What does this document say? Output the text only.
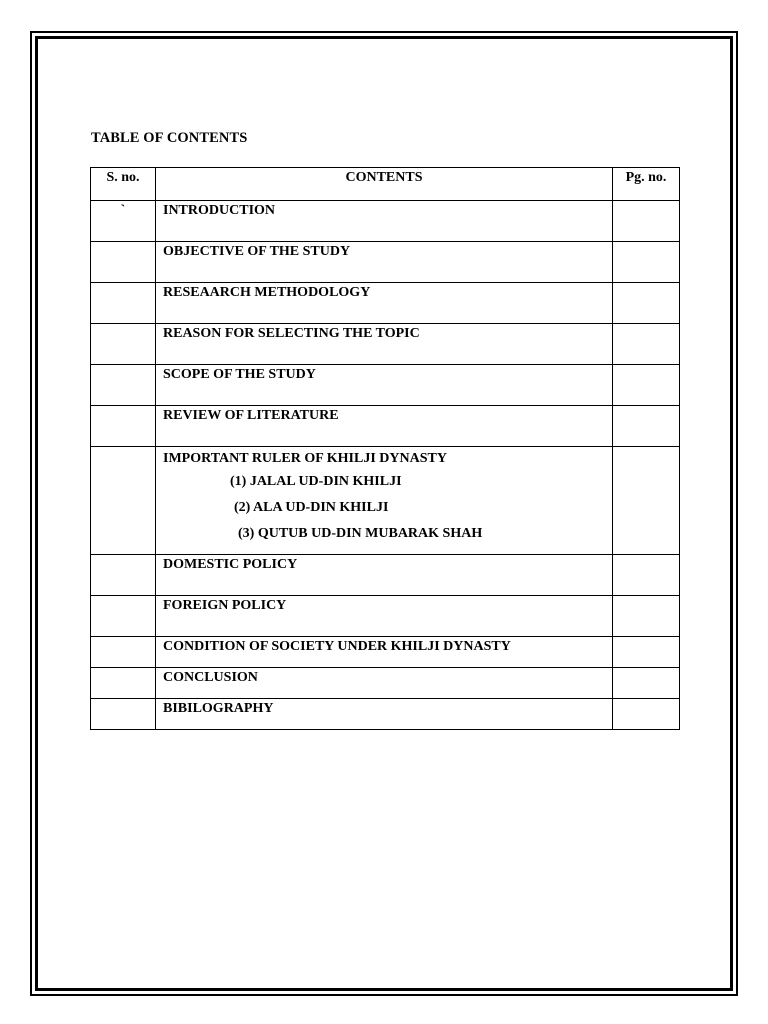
TABLE OF CONTENTS
S. no.	CONTENTS	Pg. no.
`	INTRODUCTION	
	OBJECTIVE OF THE STUDY	
	RESEAARCH METHODOLOGY	
	REASON FOR SELECTING THE TOPIC	
	SCOPE OF THE STUDY	
	REVIEW OF LITERATURE	

	IMPORTANT RULER OF KHILJI DYNASTY
(1) JALAL UD-DIN KHILJI
(2) ALA UD-DIN KHILJI
(3) QUTUB UD-DIN MUBARAK SHAH	

	DOMESTIC POLICY	
	FOREIGN POLICY	
	CONDITION OF SOCIETY UNDER KHILJI DYNASTY	
	CONCLUSION	
	BIBILOGRAPHY	
